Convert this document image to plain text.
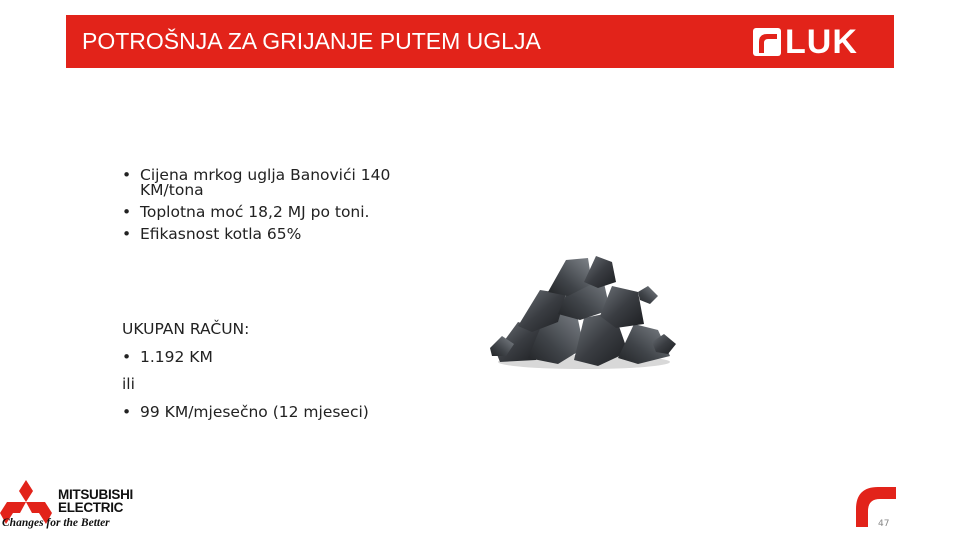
POTROŠNJA ZA GRIJANJE PUTEM UGLJA	LUK
• Cijena mrkog uglja Banovići 140 KM/tona
• Toplotna moć 18,2 MJ po toni.
• Efikasnost kotla 65%
UKUPAN RAČUN:
• 1.192 KM
ili
• 99 KM/mjesečno (12 mjeseci)
MITSUBISHI
ELECTRIC
Changes for the Better	47
